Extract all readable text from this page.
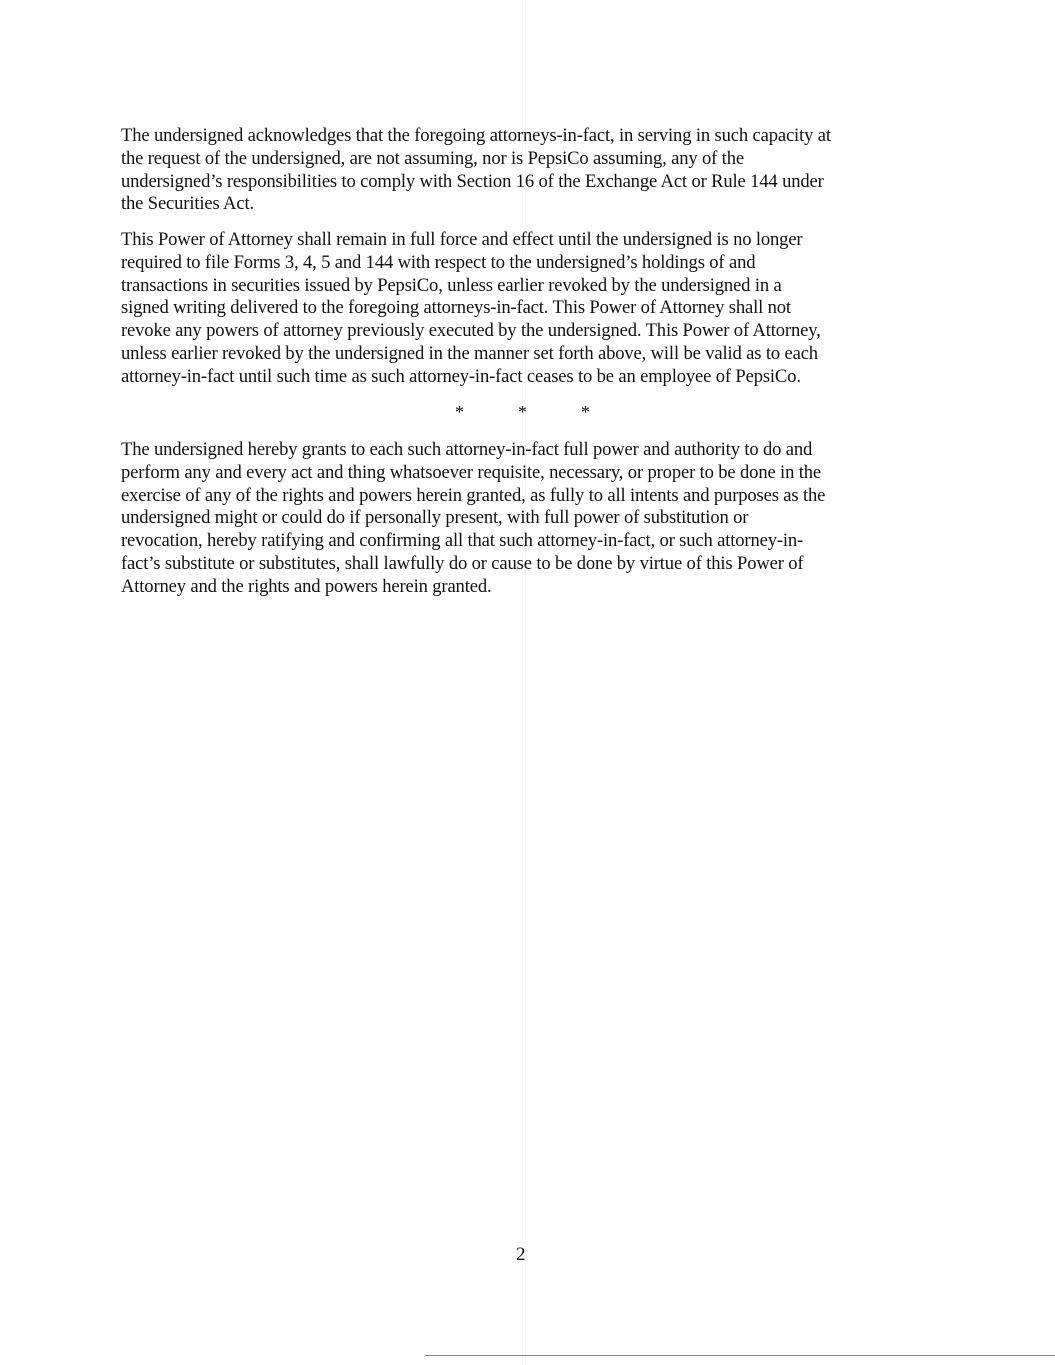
The undersigned acknowledges that the foregoing attorneys-in-fact, in serving in such capacity at
the request of the undersigned, are not assuming, nor is PepsiCo assuming, any of the
undersigned’s responsibilities to comply with Section 16 of the Exchange Act or Rule 144 under
the Securities Act.
This Power of Attorney shall remain in full force and effect until the undersigned is no longer
required to file Forms 3, 4, 5 and 144 with respect to the undersigned’s holdings of and
transactions in securities issued by PepsiCo, unless earlier revoked by the undersigned in a
signed writing delivered to the foregoing attorneys-in-fact. This Power of Attorney shall not
revoke any powers of attorney previously executed by the undersigned. This Power of Attorney,
unless earlier revoked by the undersigned in the manner set forth above, will be valid as to each
attorney-in-fact until such time as such attorney-in-fact ceases to be an employee of PepsiCo.
*	*	*
The undersigned hereby grants to each such attorney-in-fact full power and authority to do and
perform any and every act and thing whatsoever requisite, necessary, or proper to be done in the
exercise of any of the rights and powers herein granted, as fully to all intents and purposes as the
undersigned might or could do if personally present, with full power of substitution or
revocation, hereby ratifying and confirming all that such attorney-in-fact, or such attorney-in-
fact’s substitute or substitutes, shall lawfully do or cause to be done by virtue of this Power of
Attorney and the rights and powers herein granted.
2
